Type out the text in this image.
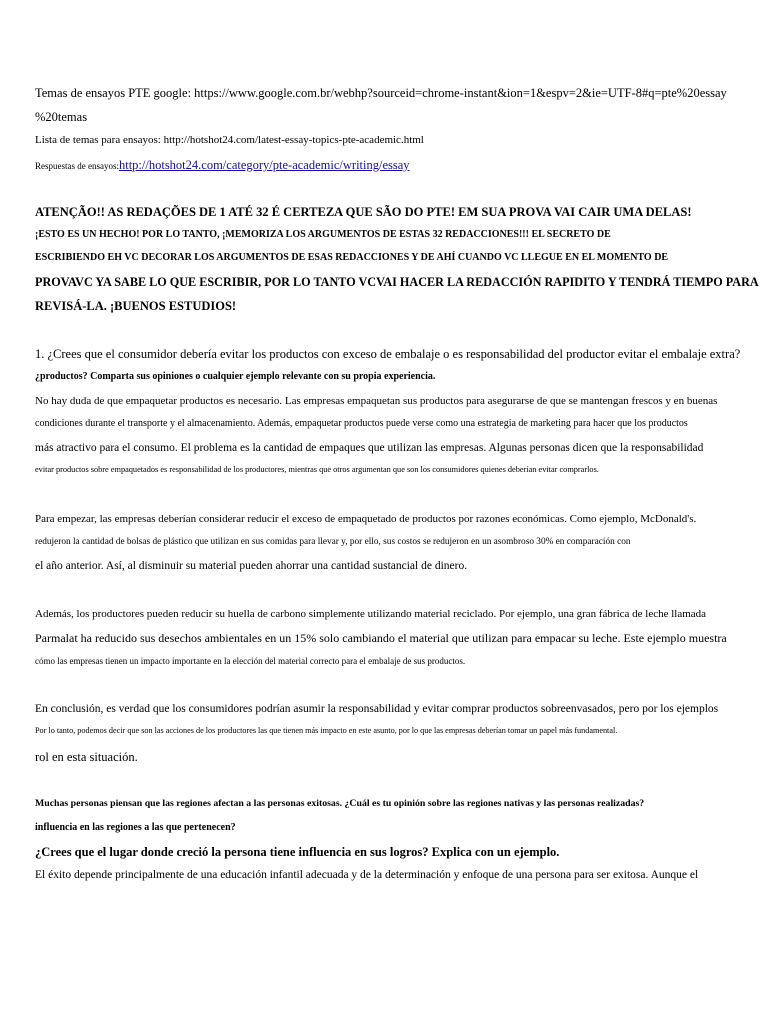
Temas de ensayos PTE google: https://www.google.com.br/webhp?sourceid=chrome-instant&ion=1&espv=2&ie=UTF-8#q=pte%20essay
%20temas
Lista de temas para ensayos: http://hotshot24.com/latest-essay-topics-pte-academic.html
Respuestas de ensayos:http://hotshot24.com/category/pte-academic/writing/essay
ATENÇÃO!! AS REDAÇÕES DE 1 ATÉ 32 É CERTEZA QUE SÃO DO PTE! EM SUA PROVA VAI CAIR UMA DELAS!
¡ESTO ES UN HECHO! POR LO TANTO, ¡MEMORIZA LOS ARGUMENTOS DE ESTAS 32 REDACCIONES!!! EL SECRETO DE
ESCRIBIENDO EH VC DECORAR LOS ARGUMENTOS DE ESAS REDACCIONES Y DE AHÍ CUANDO VC LLEGUE EN EL MOMENTO DE
PROVAVC YA SABE LO QUE ESCRIBIR, POR LO TANTO VCVAI HACER LA REDACCIÓN RAPIDITO Y TENDRÁ TIEMPO PARA
REVISÁ-LA. ¡BUENOS ESTUDIOS!
1. ¿Crees que el consumidor debería evitar los productos con exceso de embalaje o es responsabilidad del productor evitar el embalaje extra?
¿productos? Comparta sus opiniones o cualquier ejemplo relevante con su propia experiencia.
No hay duda de que empaquetar productos es necesario. Las empresas empaquetan sus productos para asegurarse de que se mantengan frescos y en buenas
condiciones durante el transporte y el almacenamiento. Además, empaquetar productos puede verse como una estrategia de marketing para hacer que los productos
más atractivo para el consumo. El problema es la cantidad de empaques que utilizan las empresas. Algunas personas dicen que la responsabilidad
evitar productos sobre empaquetados es responsabilidad de los productores, mientras que otros argumentan que son los consumidores quienes deberían evitar comprarlos.
Para empezar, las empresas deberían considerar reducir el exceso de empaquetado de productos por razones económicas. Como ejemplo, McDonald's.
redujeron la cantidad de bolsas de plástico que utilizan en sus comidas para llevar y, por ello, sus costos se redujeron en un asombroso 30% en comparación con
el año anterior. Así, al disminuir su material pueden ahorrar una cantidad sustancial de dinero.
Además, los productores pueden reducir su huella de carbono simplemente utilizando material reciclado. Por ejemplo, una gran fábrica de leche llamada
Parmalat ha reducido sus desechos ambientales en un 15% solo cambiando el material que utilizan para empacar su leche. Este ejemplo muestra
cómo las empresas tienen un impacto importante en la elección del material correcto para el embalaje de sus productos.
En conclusión, es verdad que los consumidores podrían asumir la responsabilidad y evitar comprar productos sobreenvasados, pero por los ejemplos
Por lo tanto, podemos decir que son las acciones de los productores las que tienen más impacto en este asunto, por lo que las empresas deberían tomar un papel más fundamental.
rol en esta situación.
Muchas personas piensan que las regiones afectan a las personas exitosas. ¿Cuál es tu opinión sobre las regiones nativas y las personas realizadas?
influencia en las regiones a las que pertenecen?
¿Crees que el lugar donde creció la persona tiene influencia en sus logros? Explica con un ejemplo.
El éxito depende principalmente de una educación infantil adecuada y de la determinación y enfoque de una persona para ser exitosa. Aunque el
